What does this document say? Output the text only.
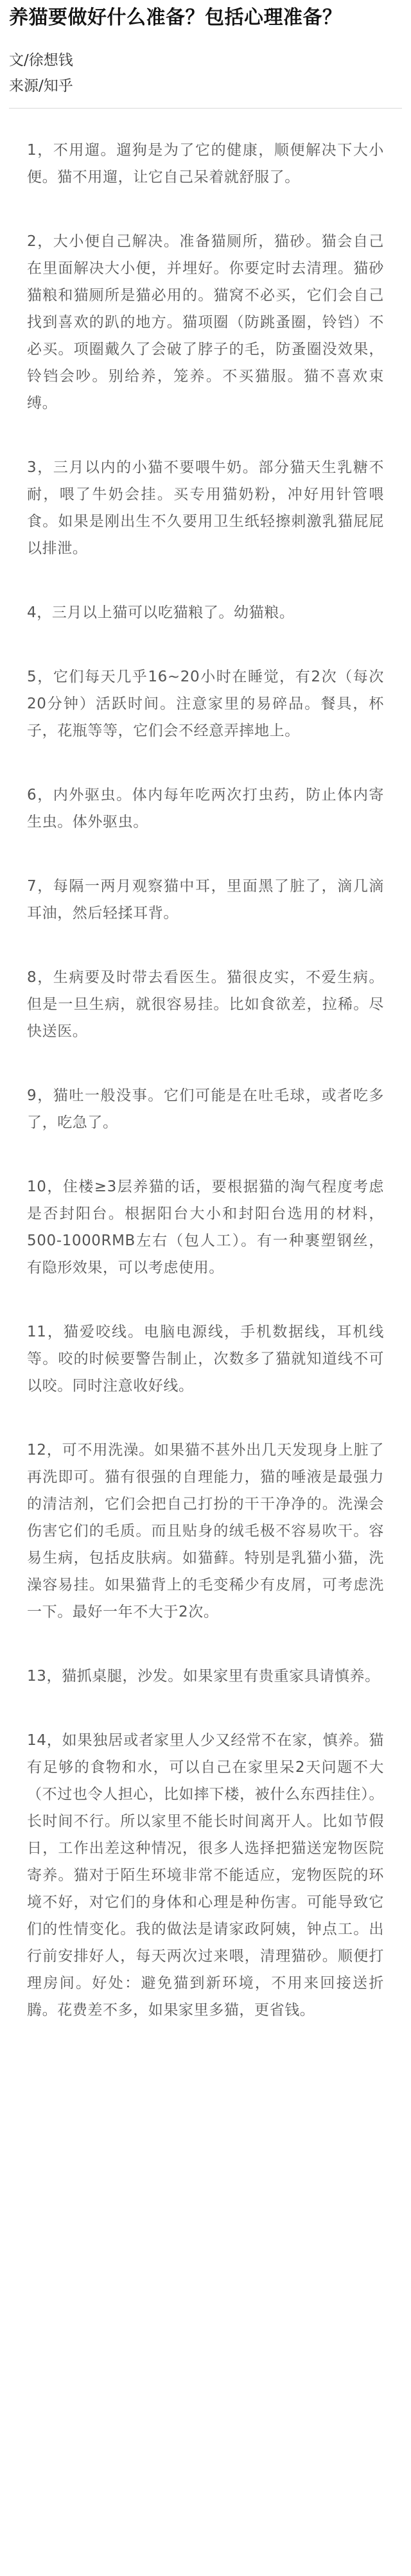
养猫要做好什么准备？包括心理准备？
文/徐想钱
来源/知乎

1，不用遛。遛狗是为了它的健康，顺便解决下大小便。猫不用遛，让它自己呆着就舒服了。

2，大小便自己解决。准备猫厕所，猫砂。猫会自己在里面解决大小便，并埋好。你要定时去清理。猫砂猫粮和猫厕所是猫必用的。猫窝不必买，它们会自己找到喜欢的趴的地方。猫项圈（防跳蚤圈，铃铛）不必买。项圈戴久了会破了脖子的毛，防蚤圈没效果，铃铛会吵。别给养，笼养。不买猫服。猫不喜欢束缚。

3，三月以内的小猫不要喂牛奶。部分猫天生乳糖不耐，喂了牛奶会挂。买专用猫奶粉，冲好用针管喂食。如果是刚出生不久要用卫生纸轻擦刺激乳猫屁屁以排泄。

4，三月以上猫可以吃猫粮了。幼猫粮。

5，它们每天几乎16~20小时在睡觉，有2次（每次20分钟）活跃时间。注意家里的易碎品。餐具，杯子，花瓶等等，它们会不经意弄摔地上。

6，内外驱虫。体内每年吃两次打虫药，防止体内寄生虫。体外驱虫。

7，每隔一两月观察猫中耳，里面黑了脏了，滴几滴耳油，然后轻揉耳背。

8，生病要及时带去看医生。猫很皮实，不爱生病。但是一旦生病，就很容易挂。比如食欲差，拉稀。尽快送医。

9，猫吐一般没事。它们可能是在吐毛球，或者吃多了，吃急了。

10，住楼≥3层养猫的话，要根据猫的淘气程度考虑是否封阳台。根据阳台大小和封阳台选用的材料，500-1000RMB左右（包人工）。有一种裹塑钢丝，有隐形效果，可以考虑使用。

11，猫爱咬线。电脑电源线，手机数据线，耳机线等。咬的时候要警告制止，次数多了猫就知道线不可以咬。同时注意收好线。

12，可不用洗澡。如果猫不甚外出几天发现身上脏了再洗即可。猫有很强的自理能力，猫的唾液是最强力的清洁剂，它们会把自己打扮的干干净净的。洗澡会伤害它们的毛质。而且贴身的绒毛极不容易吹干。容易生病，包括皮肤病。如猫藓。特别是乳猫小猫，洗澡容易挂。如果猫背上的毛变稀少有皮屑，可考虑洗一下。最好一年不大于2次。

13，猫抓桌腿，沙发。如果家里有贵重家具请慎养。

14，如果独居或者家里人少又经常不在家，慎养。猫有足够的食物和水，可以自己在家里呆2天问题不大（不过也令人担心，比如摔下楼，被什么东西挂住）。长时间不行。所以家里不能长时间离开人。比如节假日，工作出差这种情况，很多人选择把猫送宠物医院寄养。猫对于陌生环境非常不能适应，宠物医院的环境不好，对它们的身体和心理是种伤害。可能导致它们的性情变化。我的做法是请家政阿姨，钟点工。出行前安排好人，每天两次过来喂，清理猫砂。顺便打理房间。好处：避免猫到新环境，不用来回接送折腾。花费差不多，如果家里多猫，更省钱。
